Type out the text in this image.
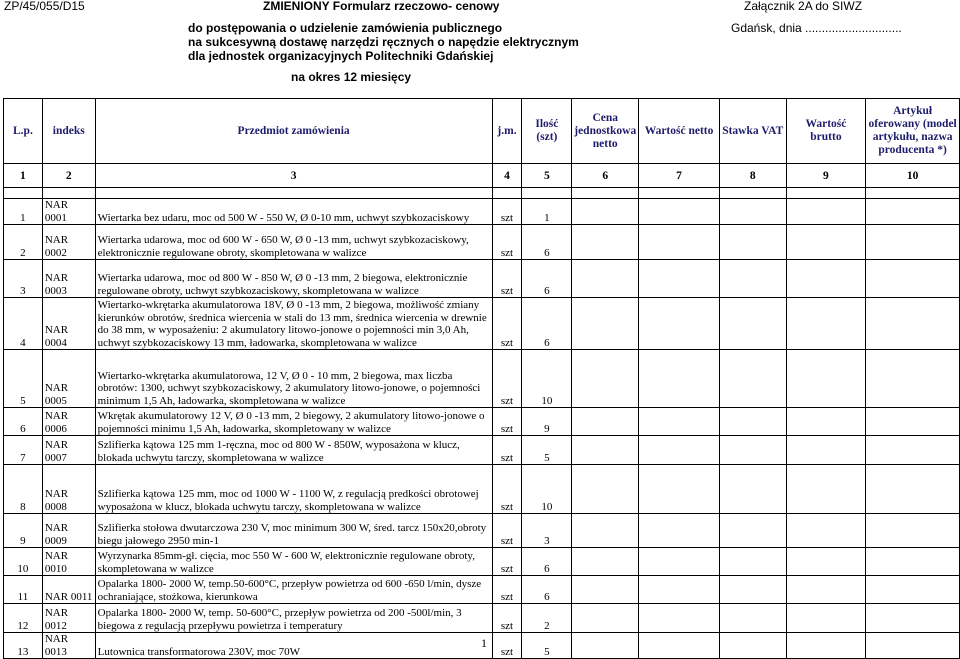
ZP/45/055/D15	ZMIENIONY Formularz rzeczowo- cenowy	Załącznik 2A do SIWZ
do postępowania o udzielenie zamówienia publicznego
na sukcesywną dostawę narzędzi ręcznych o napędzie elektrycznym
dla jednostek organizacyjnych Politechniki Gdańskiej
Gdańsk, dnia .............................
na okres 12 miesięcy
L.p.	indeks	Przedmiot zamówienia	j.m.	Ilość (szt)	Cena jednostkowa netto	Wartość netto	Stawka VAT	Wartość brutto	Artykuł oferowany (model artykułu, nazwa producenta *)
1	2	3	4	5	6	7	8	9	10

1	NAR 0001	Wiertarka bez udaru, moc od 500 W - 550 W, Ø 0-10 mm, uchwyt szybkozaciskowy	szt	1					
2	NAR 0002	Wiertarka udarowa, moc od 600 W - 650 W, Ø 0 -13 mm, uchwyt szybkozaciskowy, elektronicznie regulowane obroty, skompletowana w walizce	szt	6					
3	NAR 0003	Wiertarka udarowa, moc od 800 W - 850 W, Ø 0 -13 mm, 2 biegowa, elektronicznie regulowane obroty, uchwyt szybkozaciskowy, skompletowana w walizce	szt	6					
4	NAR 0004	Wiertarko-wkrętarka akumulatorowa 18V, Ø 0 -13 mm, 2 biegowa, możliwość zmiany kierunków obrotów, średnica wiercenia w stali do 13 mm, średnica wiercenia w drewnie do 38 mm, w wyposażeniu: 2 akumulatory litowo-jonowe o pojemności min 3,0 Ah, uchwyt szybkozaciskowy 13 mm, ładowarka, skompletowana w walizce	szt	6					
5	NAR 0005	Wiertarko-wkrętarka akumulatorowa, 12 V, Ø 0 - 10 mm, 2 biegowa, max liczba obrotów: 1300, uchwyt szybkozaciskowy, 2 akumulatory litowo-jonowe, o pojemności minimum 1,5 Ah, ładowarka, skompletowana w walizce	szt	10					
6	NAR 0006	Wkrętak akumulatorowy 12 V, Ø 0 -13 mm, 2 biegowy, 2 akumulatory litowo-jonowe o pojemności minimu 1,5 Ah, ładowarka, skompletowany w walizce	szt	9					
7	NAR 0007	Szlifierka kątowa 125 mm 1-ręczna, moc od 800 W - 850W, wyposażona w klucz, blokada uchwytu tarczy, skompletowana w walizce	szt	5					
8	NAR 0008	Szlifierka kątowa 125 mm, moc od 1000 W - 1100 W, z regulacją predkości obrotowej wyposażona w klucz, blokada uchwytu tarczy, skompletowana w walizce	szt	10					
9	NAR 0009	Szlifierka stołowa dwutarczowa 230 V, moc minimum 300 W, śred. tarcz 150x20,obroty biegu jałowego 2950 min-1	szt	3					
10	NAR 0010	Wyrzynarka 85mm-gł. cięcia, moc 550 W - 600 W, elektronicznie regulowane obroty, skompletowana w walizce	szt	6					
11	NAR 0011	Opalarka 1800- 2000 W, temp.50-600°C, przepływ powietrza od 600 -650 l/min, dysze ochraniające, stożkowa, kierunkowa	szt	6					
12	NAR 0012	Opalarka 1800- 2000 W, temp. 50-600°C, przepływ powietrza od 200 -500l/min, 3 biegowa z regulacją przepływu powietrza i temperatury	szt	2					
13	NAR 0013	Lutownica transformatorowa 230V, moc 70W	szt	5					
1
